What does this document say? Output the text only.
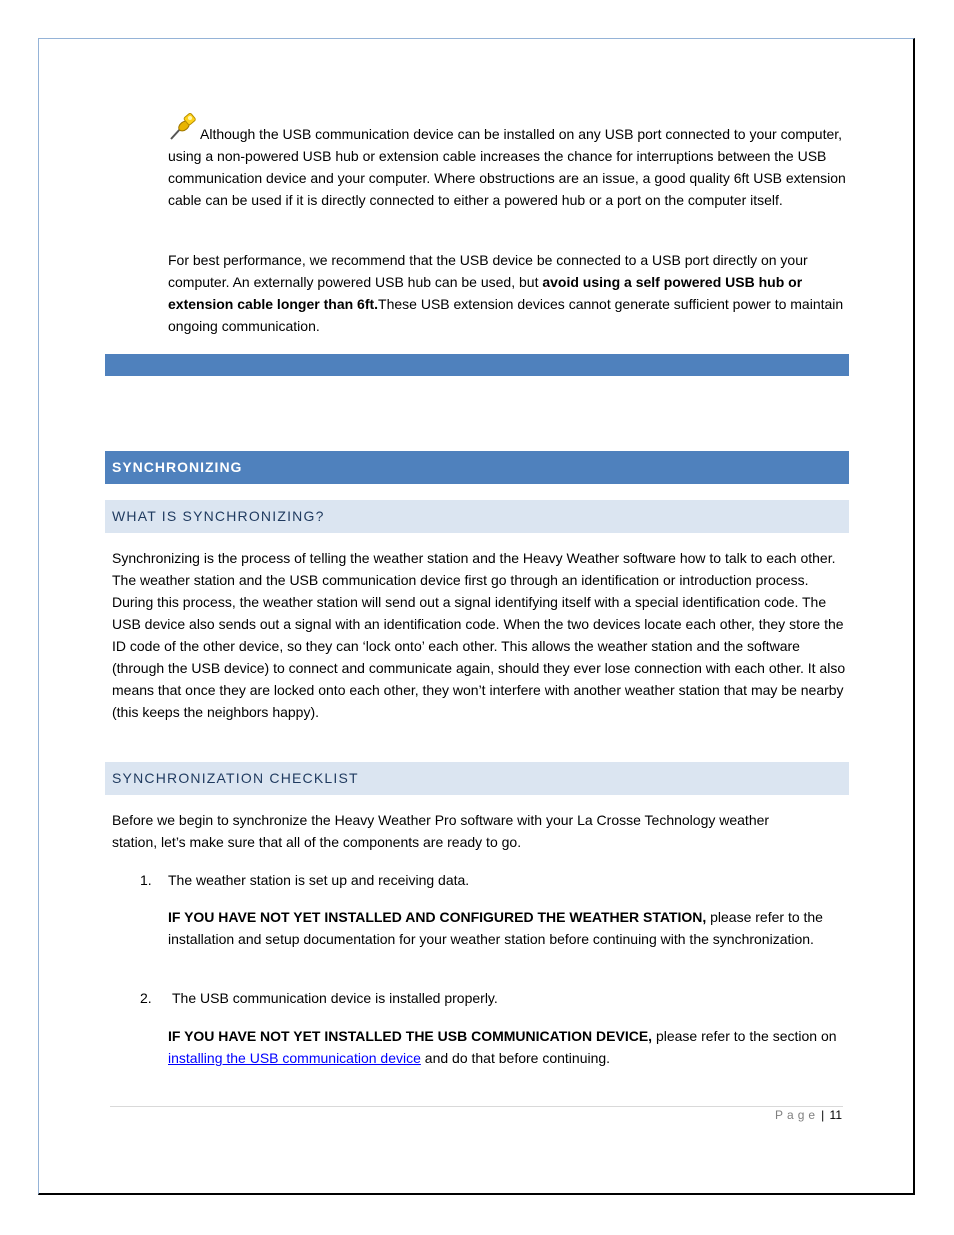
Although the USB communication device can be installed on any USB port connected to your computer, using a non-powered USB hub or extension cable increases the chance for interruptions between the USB communication device and your computer. Where obstructions are an issue, a good quality 6ft USB extension cable can be used if it is directly connected to either a powered hub or a port on the computer itself.

For best performance, we recommend that the USB device be connected to a USB port directly on your computer. An externally powered USB hub can be used, but avoid using a self powered USB hub or extension cable longer than 6ft.These USB extension devices cannot generate sufficient power to maintain ongoing communication.

SYNCHRONIZING
WHAT IS SYNCHRONIZING?

Synchronizing is the process of telling the weather station and the Heavy Weather software how to talk to each other. The weather station and the USB communication device first go through an identification or introduction process. During this process, the weather station will send out a signal identifying itself with a special identification code. The USB device also sends out a signal with an identification code. When the two devices locate each other, they store the ID code of the other device, so they can ‘lock onto’ each other. This allows the weather station and the software (through the USB device) to connect and communicate again, should they ever lose connection with each other. It also means that once they are locked onto each other, they won’t interfere with another weather station that may be nearby (this keeps the neighbors happy).

SYNCHRONIZATION CHECKLIST

Before we begin to synchronize the Heavy Weather Pro software with your La Crosse Technology weather station, let’s make sure that all of the components are ready to go.

1. The weather station is set up and receiving data.

IF YOU HAVE NOT YET INSTALLED AND CONFIGURED THE WEATHER STATION, please refer to the installation and setup documentation for your weather station before continuing with the synchronization.

2. The USB communication device is installed properly.

IF YOU HAVE NOT YET INSTALLED THE USB COMMUNICATION DEVICE, please refer to the section on installing the USB communication device and do that before continuing.

Page | 11
